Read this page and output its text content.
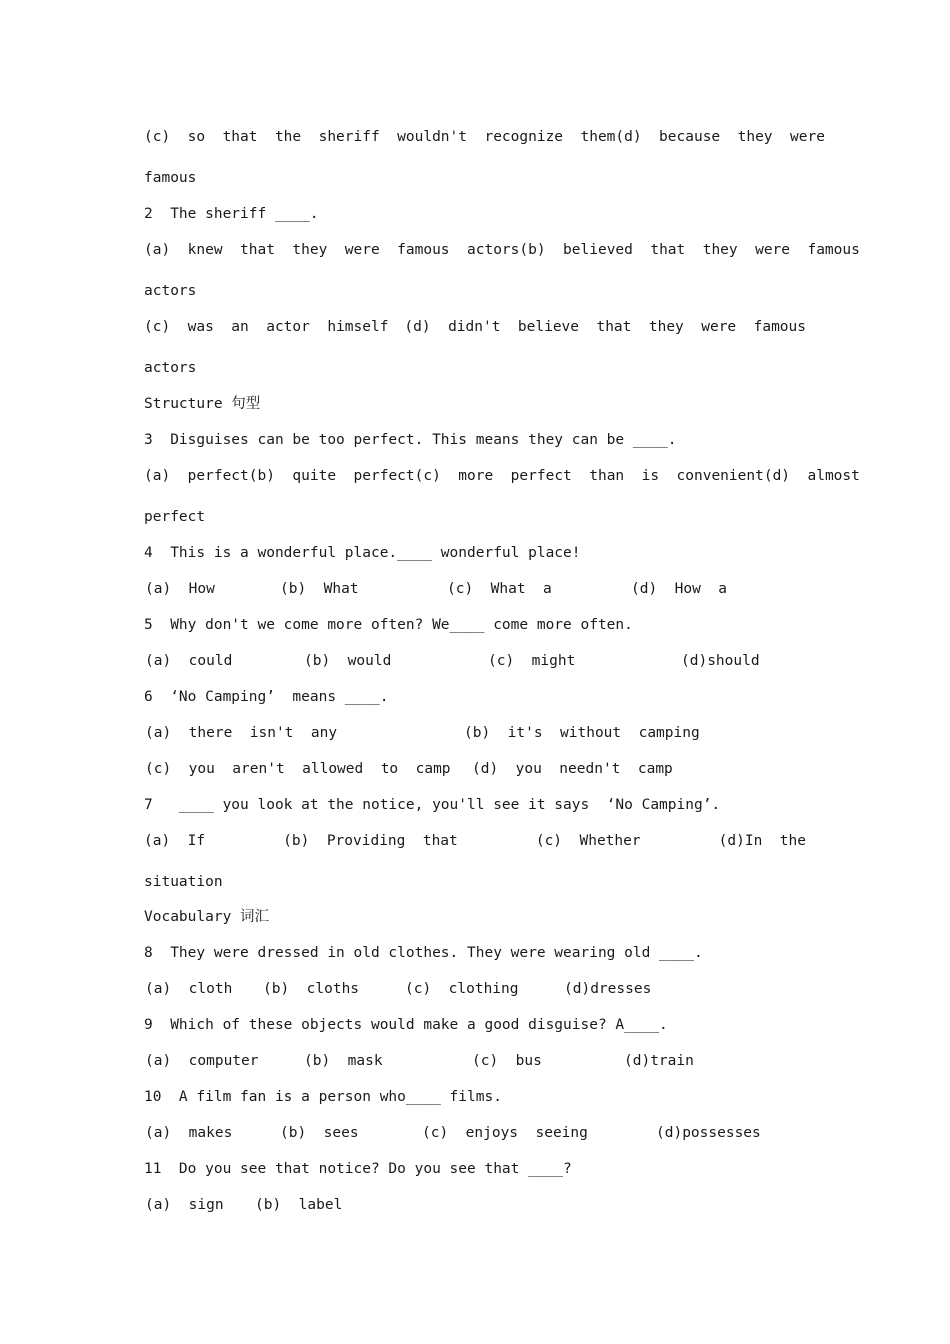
(c)  so  that  the  sheriff  wouldn't  recognize  them (d)  because  they  were
famous
2  The sheriff ____.
(a)  knew  that  they  were  famous  actors (b)  believed  that  they  were  famous
actors
(c)  was  an  actor  himself (d)  didn't  believe  that  they  were  famous
actors
Structure 句型
3  Disguises can be too perfect. This means they can be ____.
(a)  perfect (b)  quite  perfect (c)  more  perfect  than  is  convenient (d)  almost
perfect
4  This is a wonderful place.____ wonderful place!
(a)  How	(b)  What	(c)  What  a	(d)  How  a
5  Why don't we come more often? We____ come more often.
(a)  could	(b)  would	(c)  might	(d)should
6  ‘No Camping’  means ____.
(a)  there  isn't  any	(b)  it's  without  camping
(c)  you  aren't  allowed  to  camp (d)  you  needn't  camp
7   ____ you look at the notice, you'll see it says  ‘No Camping’.
(a)  If	(b)  Providing  that	(c)  Whether	(d)In  the
situation
Vocabulary 词汇
8  They were dressed in old clothes. They were wearing old ____.
(a)  cloth (b)  cloths	(c)  clothing	(d)dresses
9  Which of these objects would make a good disguise? A____.
(a)  computer	(b)  mask	(c)  bus	(d)train
10  A film fan is a person who____ films.
(a)  makes	(b)  sees	(c)  enjoys  seeing	(d)possesses
11  Do you see that notice? Do you see that ____?
(a)  sign (b)  label
